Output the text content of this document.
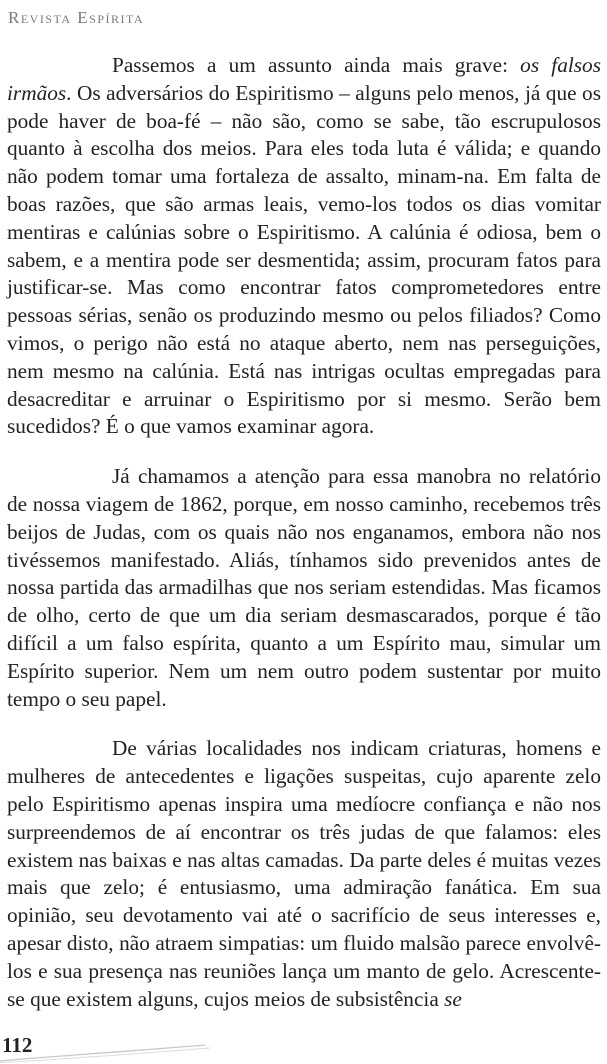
Revista Espírita

Passemos a um assunto ainda mais grave: os falsos irmãos. Os adversários do Espiritismo – alguns pelo menos, já que os pode haver de boa-fé – não são, como se sabe, tão escrupulosos quanto à escolha dos meios. Para eles toda luta é válida; e quando não podem tomar uma fortaleza de assalto, minam-na. Em falta de boas razões, que são armas leais, vemo-los todos os dias vomitar mentiras e calúnias sobre o Espiritismo. A calúnia é odiosa, bem o sabem, e a mentira pode ser desmentida; assim, procuram fatos para justificar-se. Mas como encontrar fatos comprometedores entre pessoas sérias, senão os produzindo mesmo ou pelos filiados? Como vimos, o perigo não está no ataque aberto, nem nas perseguições, nem mesmo na calúnia. Está nas intrigas ocultas empregadas para desacreditar e arruinar o Espiritismo por si mesmo. Serão bem sucedidos? É o que vamos examinar agora.

Já chamamos a atenção para essa manobra no relatório de nossa viagem de 1862, porque, em nosso caminho, recebemos três beijos de Judas, com os quais não nos enganamos, embora não nos tivéssemos manifestado. Aliás, tínhamos sido prevenidos antes de nossa partida das armadilhas que nos seriam estendidas. Mas ficamos de olho, certo de que um dia seriam desmascarados, porque é tão difícil a um falso espírita, quanto a um Espírito mau, simular um Espírito superior. Nem um nem outro podem sustentar por muito tempo o seu papel.

De várias localidades nos indicam criaturas, homens e mulheres de antecedentes e ligações suspeitas, cujo aparente zelo pelo Espiritismo apenas inspira uma medíocre confiança e não nos surpreendemos de aí encontrar os três judas de que falamos: eles existem nas baixas e nas altas camadas. Da parte deles é muitas vezes mais que zelo; é entusiasmo, uma admiração fanática. Em sua opinião, seu devotamento vai até o sacrifício de seus interesses e, apesar disto, não atraem simpatias: um fluido malsão parece envolvê-los e sua presença nas reuniões lança um manto de gelo. Acrescente-se que existem alguns, cujos meios de subsistência se

112
